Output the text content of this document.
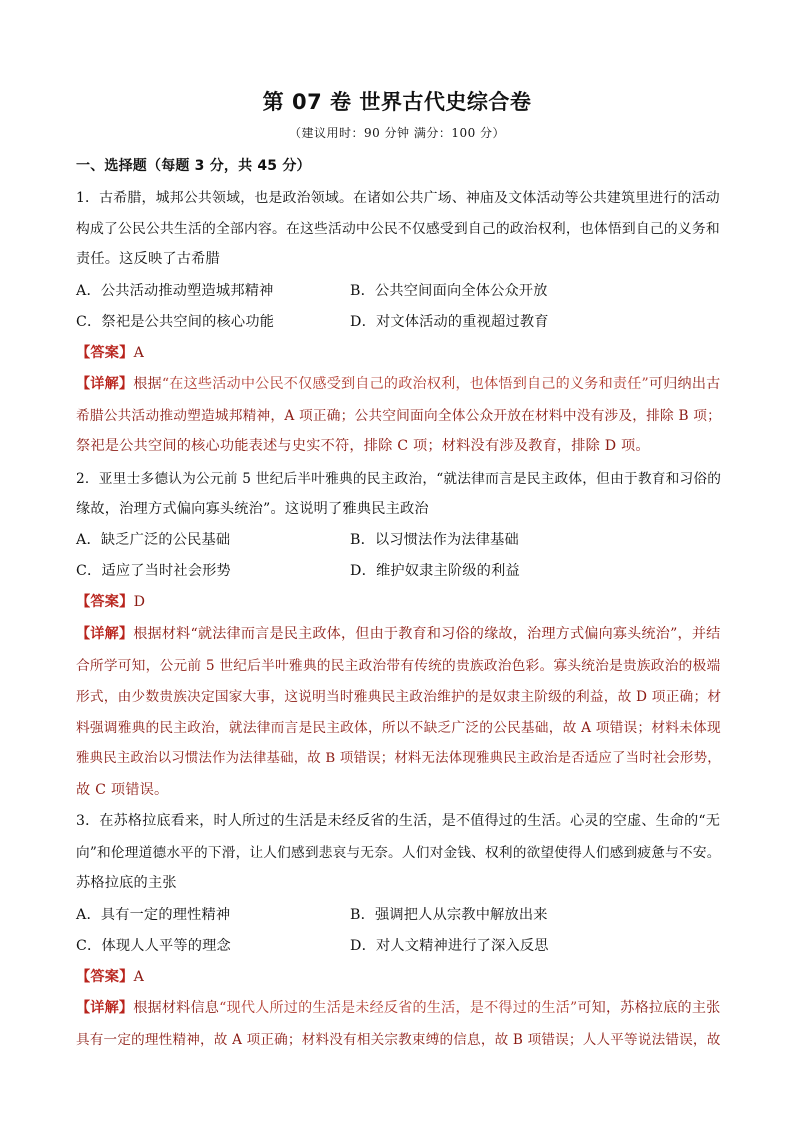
第 07 卷 世界古代史综合卷
（建议用时：90 分钟 满分：100 分）
一、选择题（每题 3 分，共 45 分）
1．古希腊，城邦公共领域，也是政治领域。在诸如公共广场、神庙及文体活动等公共建筑里进行的活动
构成了公民公共生活的全部内容。在这些活动中公民不仅感受到自己的政治权利，也体悟到自己的义务和
责任。这反映了古希腊
A．公共活动推动塑造城邦精神	B．公共空间面向全体公众开放
C．祭祀是公共空间的核心功能	D．对文体活动的重视超过教育
【答案】A
【详解】根据“在这些活动中公民不仅感受到自己的政治权利，也体悟到自己的义务和责任”可归纳出古
希腊公共活动推动塑造城邦精神，A 项正确；公共空间面向全体公众开放在材料中没有涉及，排除 B 项；
祭祀是公共空间的核心功能表述与史实不符，排除 C 项；材料没有涉及教育，排除 D 项。
2．亚里士多德认为公元前 5 世纪后半叶雅典的民主政治，“就法律而言是民主政体，但由于教育和习俗的
缘故，治理方式偏向寡头统治”。这说明了雅典民主政治
A．缺乏广泛的公民基础	B．以习惯法作为法律基础
C．适应了当时社会形势	D．维护奴隶主阶级的利益
【答案】D
【详解】根据材料“就法律而言是民主政体，但由于教育和习俗的缘故，治理方式偏向寡头统治”，并结
合所学可知，公元前 5 世纪后半叶雅典的民主政治带有传统的贵族政治色彩。寡头统治是贵族政治的极端
形式，由少数贵族决定国家大事，这说明当时雅典民主政治维护的是奴隶主阶级的利益，故 D 项正确；材
料强调雅典的民主政治，就法律而言是民主政体，所以不缺乏广泛的公民基础，故 A 项错误；材料未体现
雅典民主政治以习惯法作为法律基础，故 B 项错误；材料无法体现雅典民主政治是否适应了当时社会形势，
故 C 项错误。
3．在苏格拉底看来，时人所过的生活是未经反省的生活，是不值得过的生活。心灵的空虚、生命的“无
向”和伦理道德水平的下滑，让人们感到悲哀与无奈。人们对金钱、权利的欲望使得人们感到疲惫与不安。
苏格拉底的主张
A．具有一定的理性精神	B．强调把人从宗教中解放出来
C．体现人人平等的理念	D．对人文精神进行了深入反思
【答案】A
【详解】根据材料信息“现代人所过的生活是未经反省的生活，是不得过的生活”可知，苏格拉底的主张
具有一定的理性精神，故 A 项正确；材料没有相关宗教束缚的信息，故 B 项错误；人人平等说法错误，故
